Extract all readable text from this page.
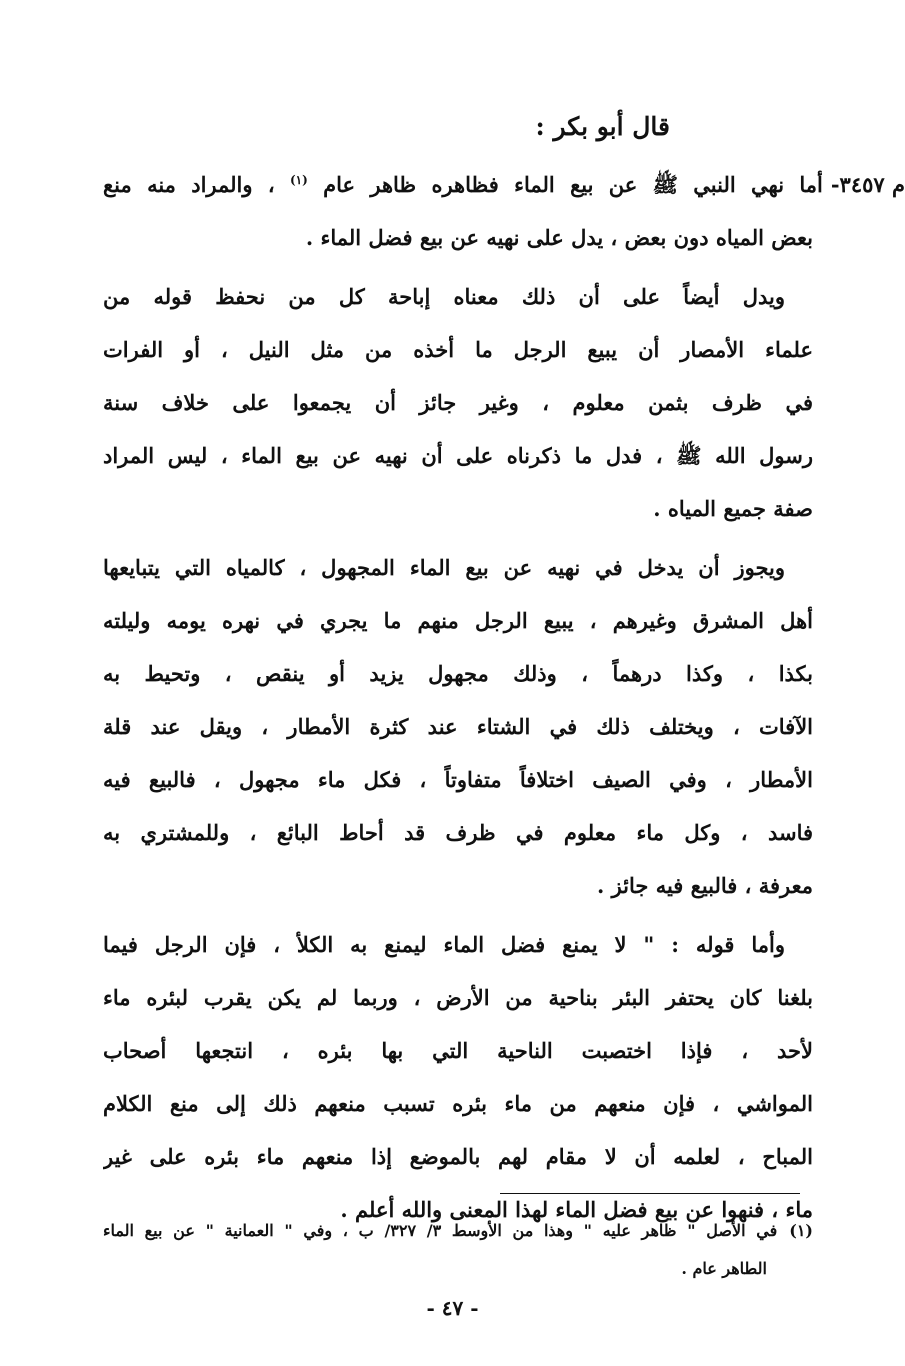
قال أبو بكر :
م ٣٤٥٧-
أما نهي النبي ﷺ عن بيع الماء فظاهره ظاهر عام $^{(١)}$ ، والمراد منه منع
بعض المياه دون بعض ، يدل على نهيه عن بيع فضل الماء .
ويدل أيضاً على أن ذلك معناه إباحة كل من نحفظ قوله من
علماء الأمصار أن يبيع الرجل ما أخذه من مثل النيل ، أو الفرات
في ظرف بثمن معلوم ، وغير جائز أن يجمعوا على خلاف سنة
رسول الله ﷺ ، فدل ما ذكرناه على أن نهيه عن بيع الماء ، ليس المراد
صفة جميع المياه .
ويجوز أن يدخل في نهيه عن بيع الماء المجهول ، كالمياه التي يتبايعها
أهل المشرق وغيرهم ، يبيع الرجل منهم ما يجري في نهره يومه وليلته
بكذا ، وكذا درهماً ، وذلك مجهول يزيد أو ينقص ، وتحيط به
الآفات ، ويختلف ذلك في الشتاء عند كثرة الأمطار ، ويقل عند قلة
الأمطار ، وفي الصيف اختلافاً متفاوتاً ، فكل ماء مجهول ، فالبيع فيه
فاسد ، وكل ماء معلوم في ظرف قد أحاط البائع ، وللمشتري به
معرفة ، فالبيع فيه جائز .
وأما قوله : " لا يمنع فضل الماء ليمنع به الكلأ ، فإن الرجل فيما
بلغنا كان يحتفر البئر بناحية من الأرض ، وربما لم يكن يقرب لبئره ماء
لأحد ، فإذا اختصبت الناحية التي بها بئره ، انتجعها أصحاب
المواشي ، فإن منعهم من ماء بئره تسبب منعهم ذلك إلى منع الكلام
المباح ، لعلمه أن لا مقام لهم بالموضع إذا منعهم ماء بئره على غير
ماء ، فنهوا عن بيع فضل الماء لهذا المعنى والله أعلم .
(١)
في الأصل " ظاهر عليه " وهذا من الأوسط ٣/ ٣٢٧/ ب ، وفي " العمانية " عن بيع الماء
الطاهر عام .
- ٤٧ -
